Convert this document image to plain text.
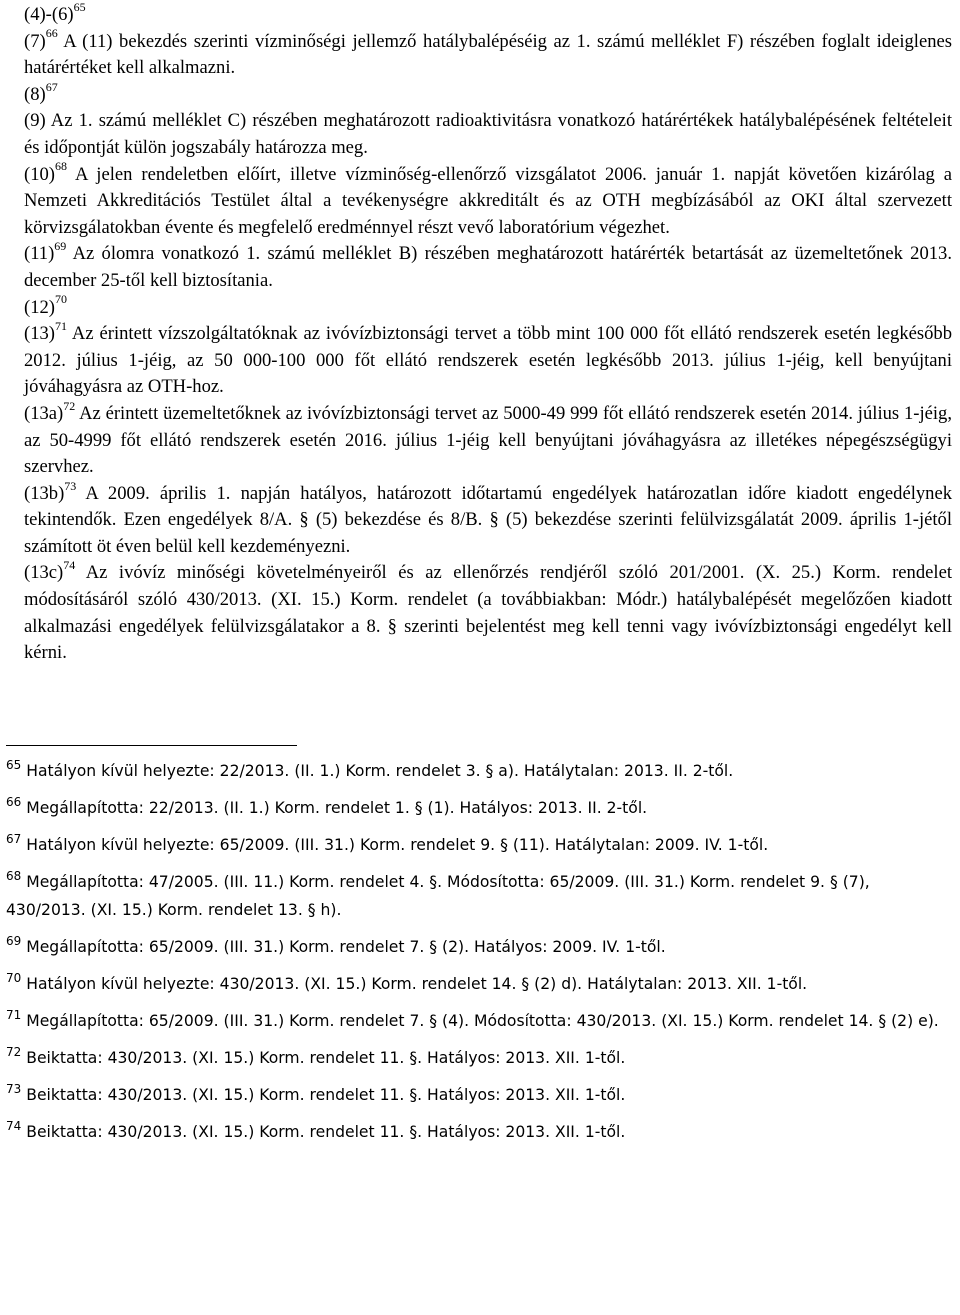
$(4)-(6)^{65}$

$(7)^{66}$ A (11) bekezdés szerinti vízminőségi jellemző hatálybalépéséig az 1. számú melléklet F) részében foglalt ideiglenes határértéket kell alkalmazni.

$(8)^{67}$

(9) Az 1. számú melléklet C) részében meghatározott radioaktivitásra vonatkozó határértékek hatálybalépésének feltételeit és időpontját külön jogszabály határozza meg.

$(10)^{68}$ A jelen rendeletben előírt, illetve vízminőség-ellenőrző vizsgálatot 2006. január 1. napját követően kizárólag a Nemzeti Akkreditációs Testület által a tevékenységre akkreditált és az OTH megbízásából az OKI által szervezett körvizsgálatokban évente és megfelelő eredménnyel részt vevő laboratórium végezhet.

$(11)^{69}$ Az ólomra vonatkozó 1. számú melléklet B) részében meghatározott határérték betartását az üzemeltetőnek 2013. december 25-től kell biztosítania.

$(12)^{70}$

$(13)^{71}$ Az érintett vízszolgáltatóknak az ivóvízbiztonsági tervet a több mint 100 000 főt ellátó rendszerek esetén legkésőbb 2012. július 1-jéig, az 50 000-100 000 főt ellátó rendszerek esetén legkésőbb 2013. július 1-jéig, kell benyújtani jóváhagyásra az OTH-hoz.

$(13a)^{72}$ Az érintett üzemeltetőknek az ivóvízbiztonsági tervet az 5000-49 999 főt ellátó rendszerek esetén 2014. július 1-jéig, az 50-4999 főt ellátó rendszerek esetén 2016. július 1-jéig kell benyújtani jóváhagyásra az illetékes népegészségügyi szervhez.

$(13b)^{73}$ A 2009. április 1. napján hatályos, határozott időtartamú engedélyek határozatlan időre kiadott engedélynek tekintendők. Ezen engedélyek 8/A. § (5) bekezdése és 8/B. § (5) bekezdése szerinti felülvizsgálatát 2009. április 1-jétől számított öt éven belül kell kezdeményezni.

$(13c)^{74}$ Az ivóvíz minőségi követelményeiről és az ellenőrzés rendjéről szóló 201/2001. (X. 25.) Korm. rendelet módosításáról szóló 430/2013. (XI. 15.) Korm. rendelet (a továbbiakban: Módr.) hatálybalépését megelőzően kiadott alkalmazási engedélyek felülvizsgálatakor a 8. § szerinti bejelentést meg kell tenni vagy ivóvízbiztonsági engedélyt kell kérni.

$^{65}$ Hatályon kívül helyezte: 22/2013. (II. 1.) Korm. rendelet 3. § a). Hatálytalan: 2013. II. 2-től.

$^{66}$ Megállapította: 22/2013. (II. 1.) Korm. rendelet 1. § (1). Hatályos: 2013. II. 2-től.

$^{67}$ Hatályon kívül helyezte: 65/2009. (III. 31.) Korm. rendelet 9. § (11). Hatálytalan: 2009. IV. 1-től.

$^{68}$ Megállapította: 47/2005. (III. 11.) Korm. rendelet 4. §. Módosította: 65/2009. (III. 31.) Korm. rendelet 9. § (7), 430/2013. (XI. 15.) Korm. rendelet 13. § h).

$^{69}$ Megállapította: 65/2009. (III. 31.) Korm. rendelet 7. § (2). Hatályos: 2009. IV. 1-től.

$^{70}$ Hatályon kívül helyezte: 430/2013. (XI. 15.) Korm. rendelet 14. § (2) d). Hatálytalan: 2013. XII. 1-től.

$^{71}$ Megállapította: 65/2009. (III. 31.) Korm. rendelet 7. § (4). Módosította: 430/2013. (XI. 15.) Korm. rendelet 14. § (2) e).

$^{72}$ Beiktatta: 430/2013. (XI. 15.) Korm. rendelet 11. §. Hatályos: 2013. XII. 1-től.

$^{73}$ Beiktatta: 430/2013. (XI. 15.) Korm. rendelet 11. §. Hatályos: 2013. XII. 1-től.

$^{74}$ Beiktatta: 430/2013. (XI. 15.) Korm. rendelet 11. §. Hatályos: 2013. XII. 1-től.
